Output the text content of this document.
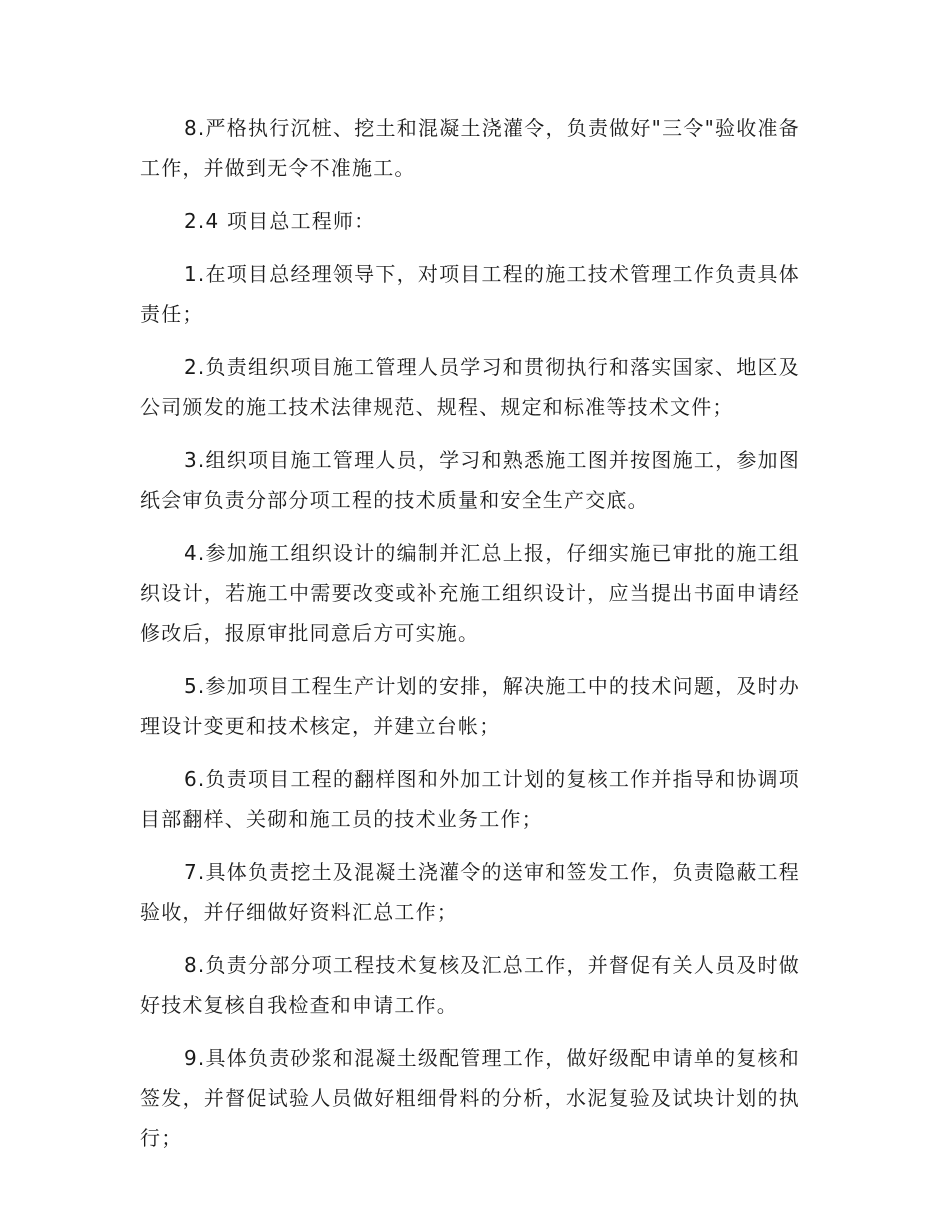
8.严格执行沉桩、挖土和混凝土浇灌令，负责做好"三令"验收准备工作，并做到无令不准施工。

2.4 项目总工程师：

1.在项目总经理领导下，对项目工程的施工技术管理工作负责具体责任；

2.负责组织项目施工管理人员学习和贯彻执行和落实国家、地区及公司颁发的施工技术法律规范、规程、规定和标准等技术文件；

3.组织项目施工管理人员，学习和熟悉施工图并按图施工，参加图纸会审负责分部分项工程的技术质量和安全生产交底。

4.参加施工组织设计的编制并汇总上报，仔细实施已审批的施工组织设计，若施工中需要改变或补充施工组织设计，应当提出书面申请经修改后，报原审批同意后方可实施。

5.参加项目工程生产计划的安排，解决施工中的技术问题，及时办理设计变更和技术核定，并建立台帐；

6.负责项目工程的翻样图和外加工计划的复核工作并指导和协调项目部翻样、关砌和施工员的技术业务工作；

7.具体负责挖土及混凝土浇灌令的送审和签发工作，负责隐蔽工程验收，并仔细做好资料汇总工作；

8.负责分部分项工程技术复核及汇总工作，并督促有关人员及时做好技术复核自我检查和申请工作。

9.具体负责砂浆和混凝土级配管理工作，做好级配申请单的复核和签发，并督促试验人员做好粗细骨料的分析，水泥复验及试块计划的执行；
